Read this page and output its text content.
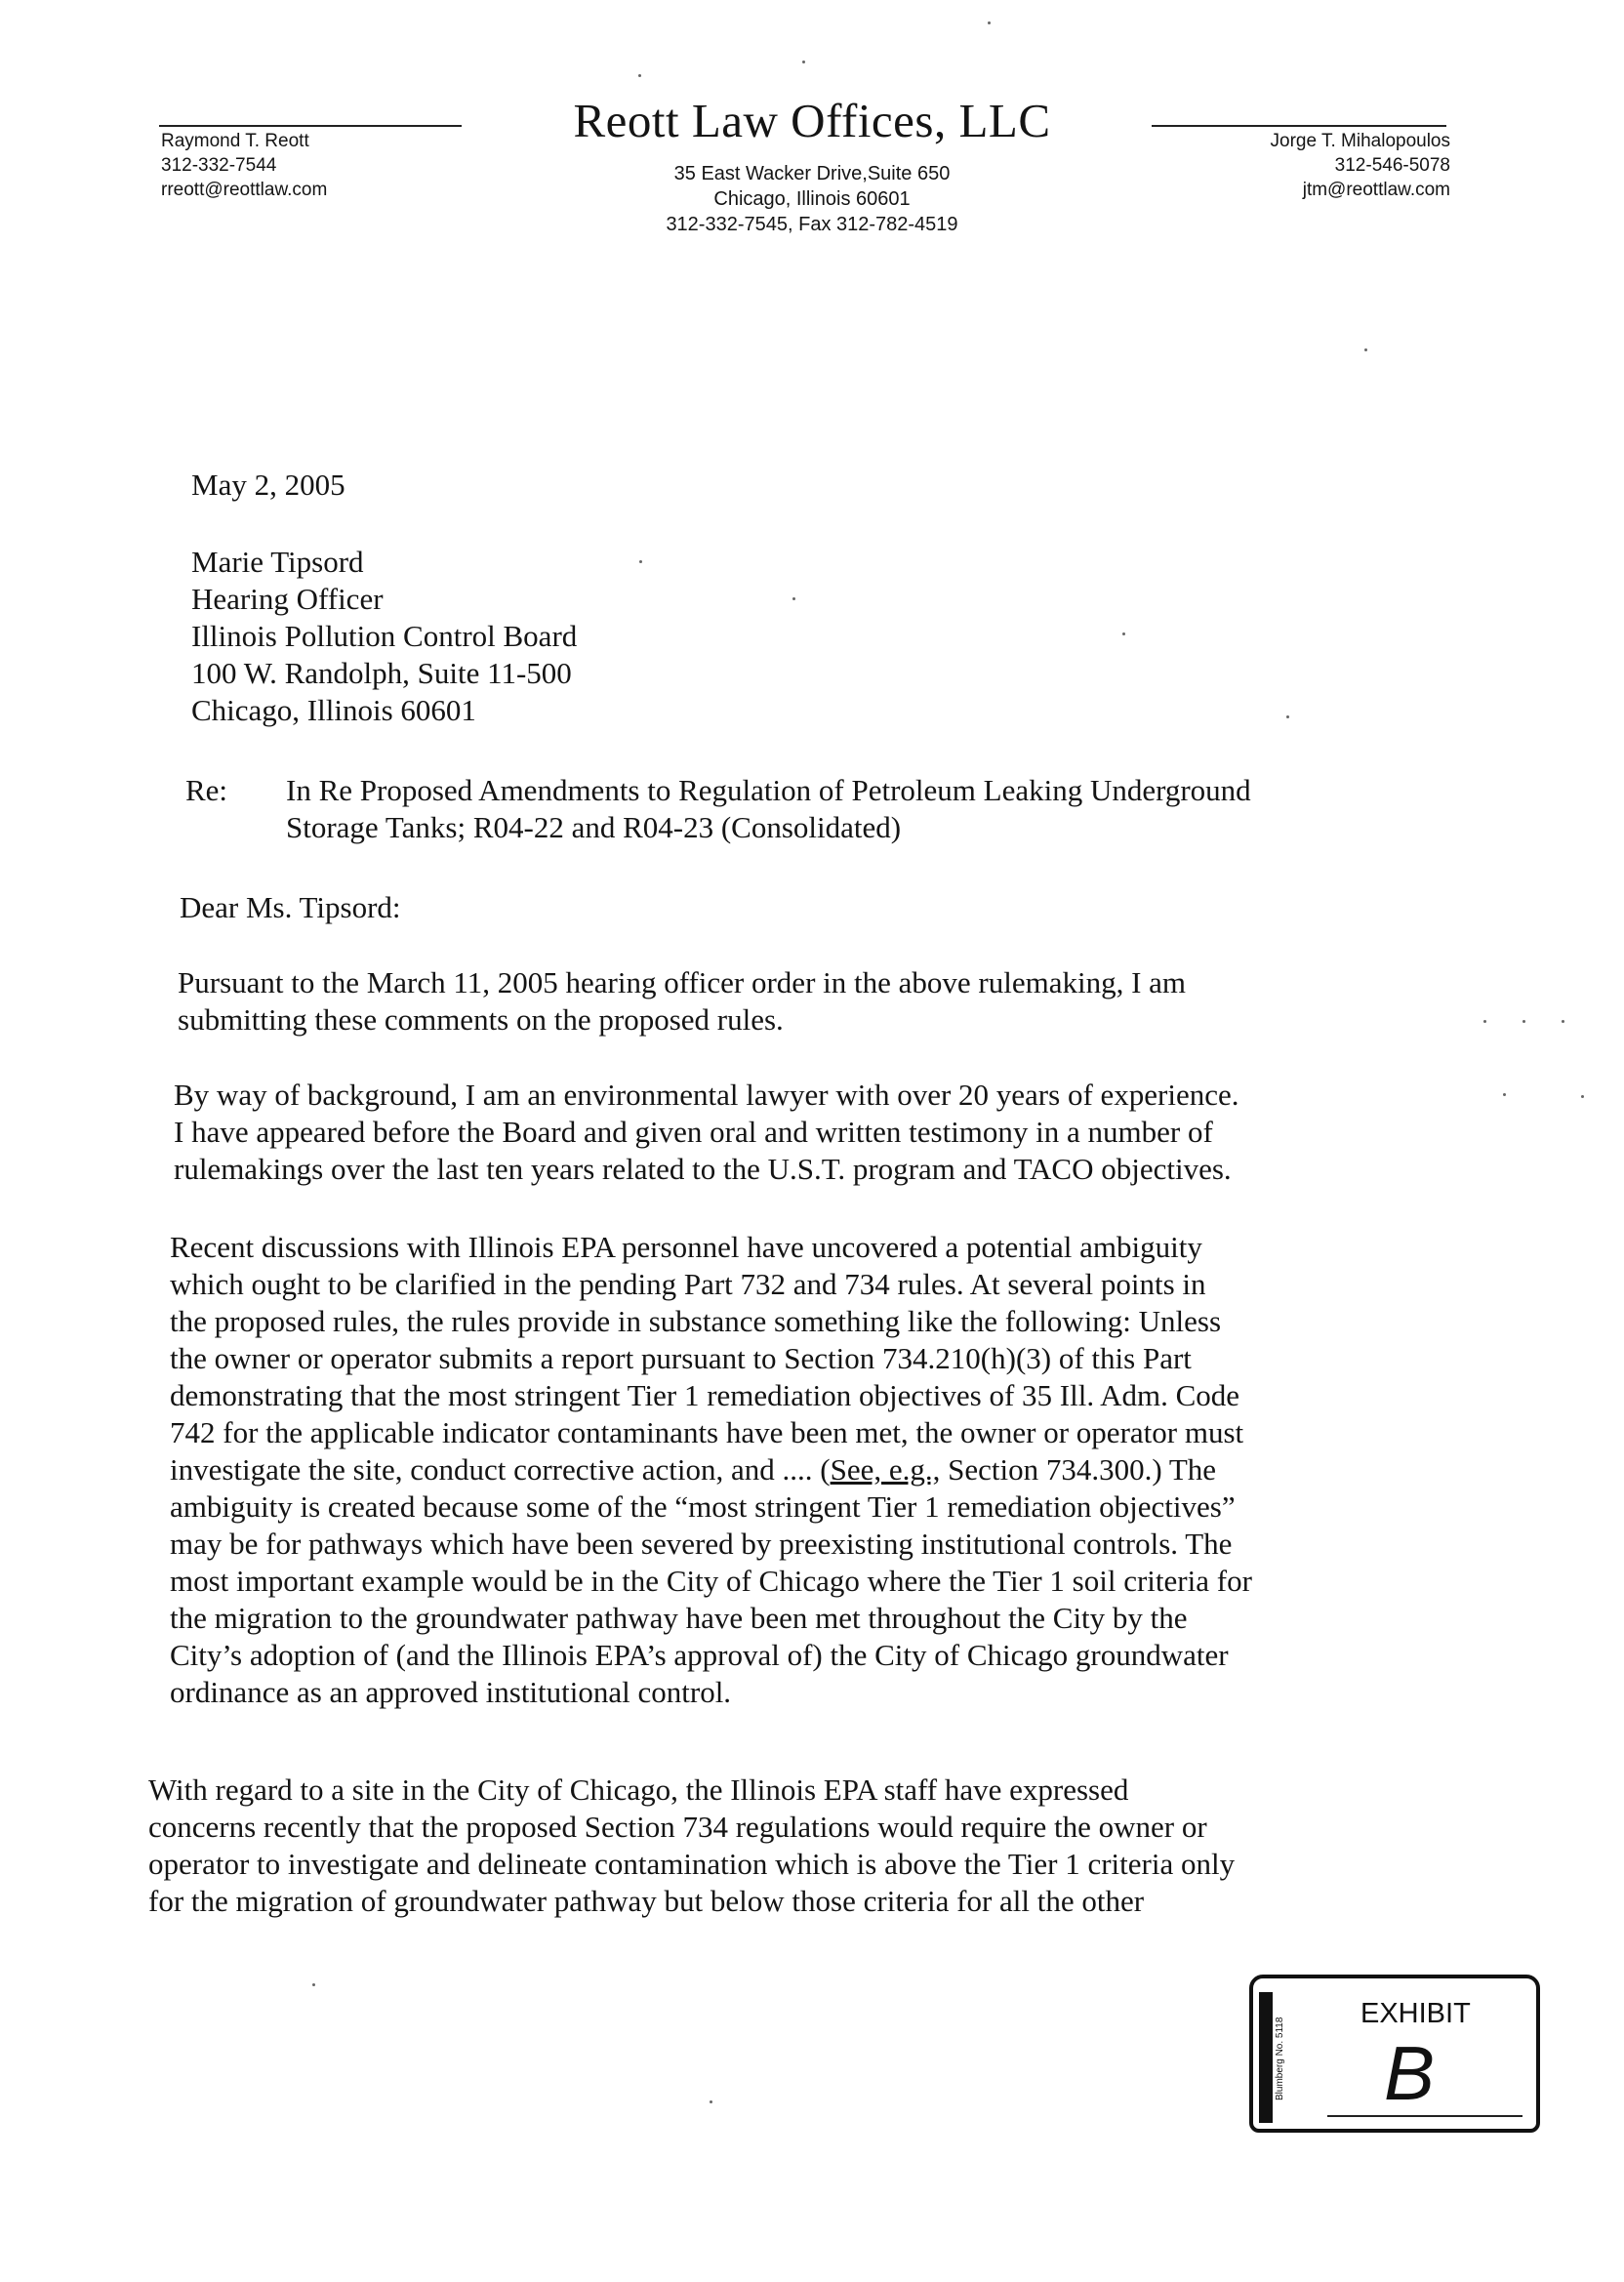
Raymond T. Reott
312-332-7544
rreott@reottlaw.com
Reott Law Offices, LLC
35 East Wacker Drive,Suite 650
Chicago, Illinois 60601
312-332-7545, Fax 312-782-4519
Jorge T. Mihalopoulos
312-546-5078
jtm@reottlaw.com
May 2, 2005
Marie Tipsord
Hearing Officer
Illinois Pollution Control Board
100 W. Randolph, Suite 11-500
Chicago, Illinois 60601
Re: In Re Proposed Amendments to Regulation of Petroleum Leaking Underground
Storage Tanks; R04-22 and R04-23 (Consolidated)
Dear Ms. Tipsord:
Pursuant to the March 11, 2005 hearing officer order in the above rulemaking, I am
submitting these comments on the proposed rules.
By way of background, I am an environmental lawyer with over 20 years of experience.
I have appeared before the Board and given oral and written testimony in a number of
rulemakings over the last ten years related to the U.S.T. program and TACO objectives.
Recent discussions with Illinois EPA personnel have uncovered a potential ambiguity
which ought to be clarified in the pending Part 732 and 734 rules. At several points in
the proposed rules, the rules provide in substance something like the following: Unless
the owner or operator submits a report pursuant to Section 734.210(h)(3) of this Part
demonstrating that the most stringent Tier 1 remediation objectives of 35 Ill. Adm. Code
742 for the applicable indicator contaminants have been met, the owner or operator must
investigate the site, conduct corrective action, and .... (See, e.g., Section 734.300.) The
ambiguity is created because some of the “most stringent Tier 1 remediation objectives”
may be for pathways which have been severed by preexisting institutional controls. The
most important example would be in the City of Chicago where the Tier 1 soil criteria for
the migration to the groundwater pathway have been met throughout the City by the
City’s adoption of (and the Illinois EPA’s approval of) the City of Chicago groundwater
ordinance as an approved institutional control.
With regard to a site in the City of Chicago, the Illinois EPA staff have expressed
concerns recently that the proposed Section 734 regulations would require the owner or
operator to investigate and delineate contamination which is above the Tier 1 criteria only
for the migration of groundwater pathway but below those criteria for all the other
Blumberg No. 5118
EXHIBIT
B
